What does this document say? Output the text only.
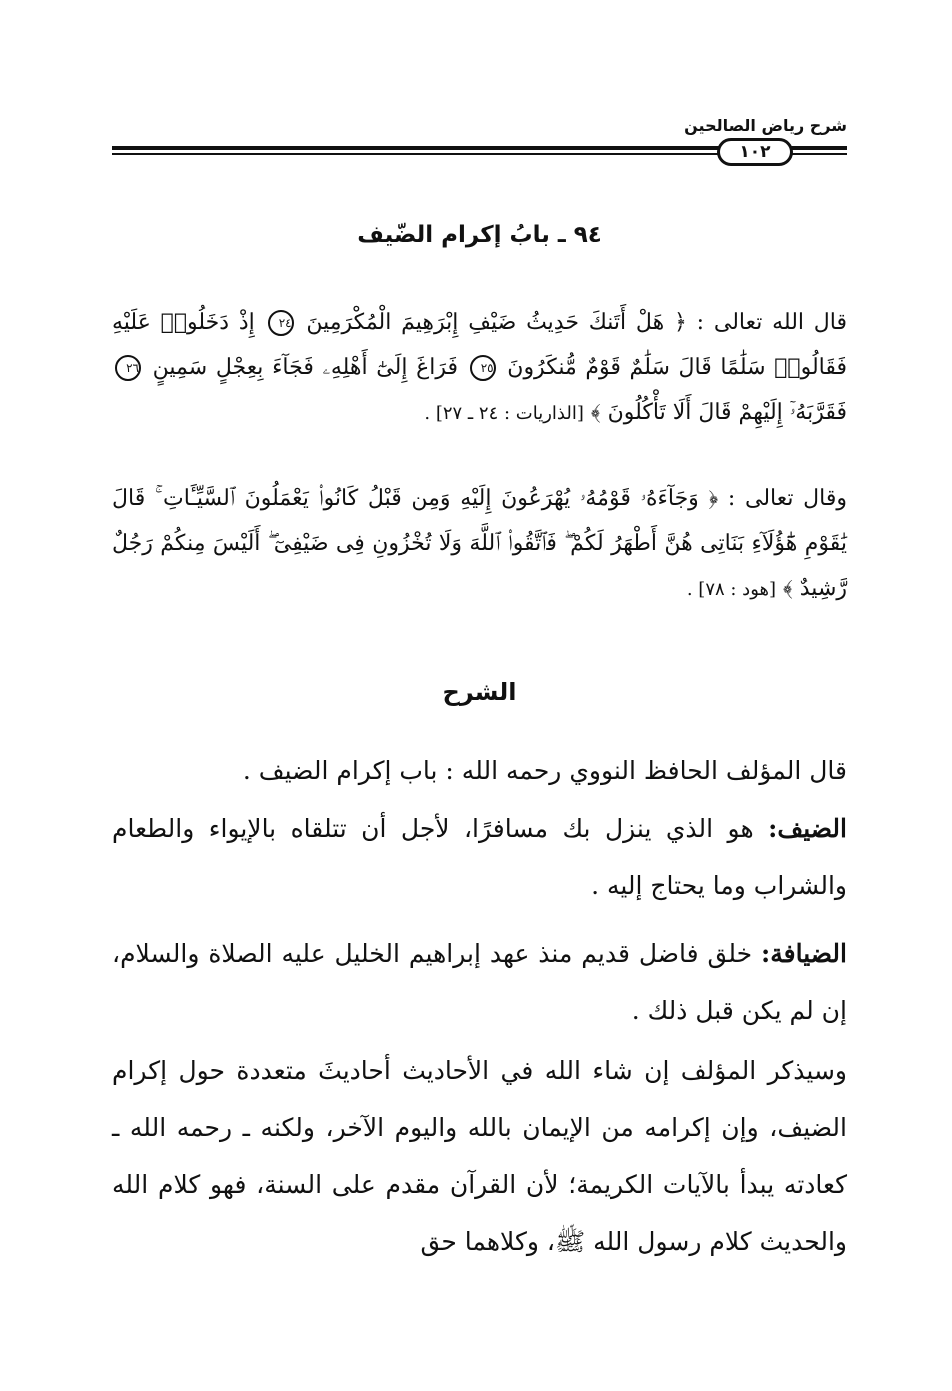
شرح رياض الصالحين
١٠٢
٩٤ ـ بابُ إكرام الضّيف
قال الله تعالى : ﴿ هَلْ أَتَنكَ حَدِيثُ ضَيْفِ إِبْرَهِيمَ الْمُكْرَمِينَ ٢٤ إِذْ دَخَلُوا۟ عَلَيْهِ فَقَالُوا۟ سَلَٰمًا قَالَ سَلَٰمٌ قَوْمٌ مُّنكَرُونَ ٢٥ فَرَاغَ إِلَىٰٓ أَهْلِهِۦ فَجَآءَ بِعِجْلٍ سَمِينٍ ٢٦ فَقَرَّبَهُۥٓ إِلَيْهِمْ قَالَ أَلَا تَأْكُلُونَ ﴾ [الذاريات : ٢٤ ـ ٢٧] .
وقال تعالى : ﴿ وَجَآءَهُۥ قَوْمُهُۥ يُهْرَعُونَ إِلَيْهِ وَمِن قَبْلُ كَانُوا۟ يَعْمَلُونَ ٱلسَّيِّـَٔاتِ ۚ قَالَ يَٰقَوْمِ هَٰٓؤُلَآءِ بَنَاتِى هُنَّ أَطْهَرُ لَكُمْ ۖ فَٱتَّقُوا۟ ٱللَّهَ وَلَا تُخْزُونِ فِى ضَيْفِىٓ ۖ أَلَيْسَ مِنكُمْ رَجُلٌ رَّشِيدٌ ﴾ [هود : ٧٨] .
الشرح
قال المؤلف الحافظ النووي رحمه الله : باب إكرام الضيف .
الضيف: هو الذي ينزل بك مسافرًا، لأجل أن تتلقاه بالإيواء والطعام والشراب وما يحتاج إليه .
الضيافة: خلق فاضل قديم منذ عهد إبراهيم الخليل عليه الصلاة والسلام، إن لم يكن قبل ذلك .
وسيذكر المؤلف إن شاء الله في الأحاديث أحاديثَ متعددة حول إكرام الضيف، وإن إكرامه من الإيمان بالله واليوم الآخر، ولكنه ـ رحمه الله ـ كعادته يبدأ بالآيات الكريمة؛ لأن القرآن مقدم على السنة، فهو كلام الله والحديث كلام رسول الله ﷺ، وكلاهما حق
